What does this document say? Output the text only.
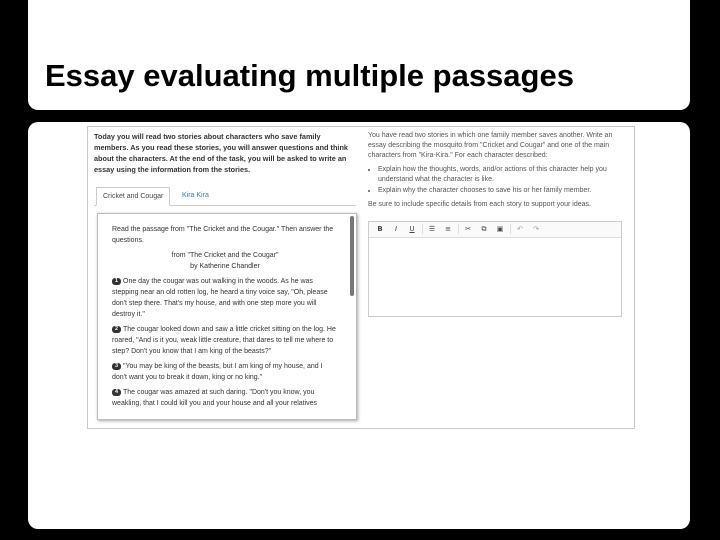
Essay evaluating multiple passages

Today you will read two stories about characters who save family members. As you read these stories, you will answer questions and think about the characters. At the end of the task, you will be asked to write an essay using the information from the stories.

Cricket and Cougar	Kira Kira

Read the passage from "The Cricket and the Cougar." Then answer the questions.

from "The Cricket and the Cougar"

by Katherine Chandler

1 One day the cougar was out walking in the woods. As he was stepping near an old rotten log, he heard a tiny voice say, "Oh, please don't step there. That's my house, and with one step more you will destroy it."

2 The cougar looked down and saw a little cricket sitting on the log. He roared, "And is it you, weak little creature, that dares to tell me where to step? Don't you know that I am king of the beasts?"

3 "You may be king of the beasts, but I am king of my house, and I don't want you to break it down, king or no king."

4 The cougar was amazed at such daring. "Don't you know, you weakling, that I could kill you and your house and all your relatives

You have read two stories in which one family member saves another. Write an essay describing the mosquito from "Cricket and Cougar" and one of the main characters from "Kira-Kira." For each character described:

• Explain how the thoughts, words, and/or actions of this character help you understand what the character is like.
• Explain why the character chooses to save his or her family member.

Be sure to include specific details from each story to support your ideas.

B	I	U	☰ ≡ ✂	⧉	▣ ↶ ↷
